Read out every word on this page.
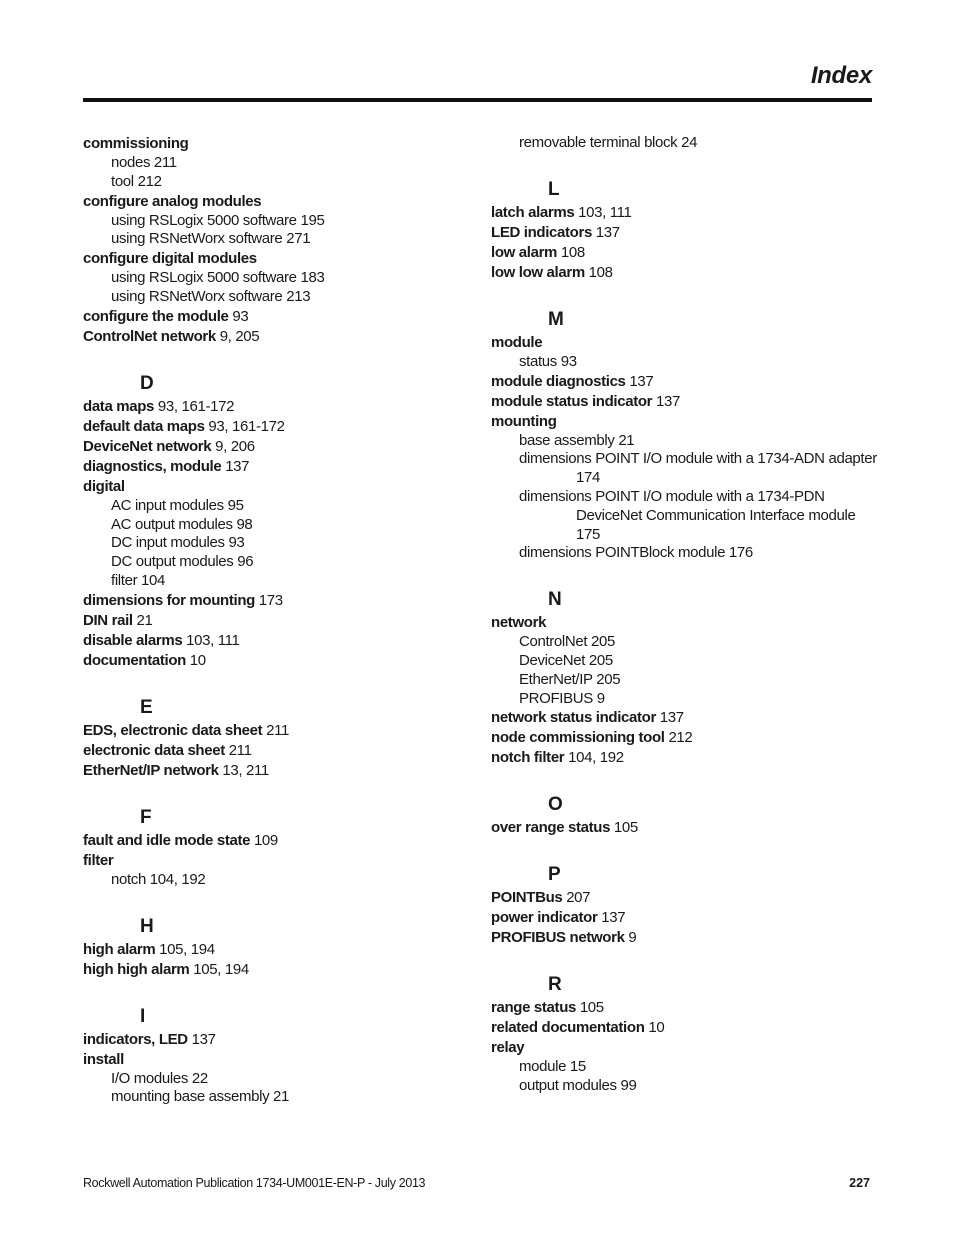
Index
commissioning
nodes 211
tool 212
configure analog modules
using RSLogix 5000 software 195
using RSNetWorx software 271
configure digital modules
using RSLogix 5000 software 183
using RSNetWorx software 213
configure the module 93
ControlNet network 9, 205
D
data maps 93, 161-172
default data maps 93, 161-172
DeviceNet network 9, 206
diagnostics, module 137
digital
AC input modules 95
AC output modules 98
DC input modules 93
DC output modules 96
filter 104
dimensions for mounting 173
DIN rail 21
disable alarms 103, 111
documentation 10
E
EDS, electronic data sheet 211
electronic data sheet 211
EtherNet/IP network 13, 211
F
fault and idle mode state 109
filter
notch 104, 192
H
high alarm 105, 194
high high alarm 105, 194
I
indicators, LED 137
install
I/O modules 22
mounting base assembly 21
removable terminal block 24
L
latch alarms 103, 111
LED indicators 137
low alarm 108
low low alarm 108
M
module
status 93
module diagnostics 137
module status indicator 137
mounting
base assembly 21
dimensions POINT I/O module with a 1734-ADN adapter
174
dimensions POINT I/O module with a 1734-PDN
DeviceNet Communication Interface module
175
dimensions POINTBlock module 176
N
network
ControlNet 205
DeviceNet 205
EtherNet/IP 205
PROFIBUS 9
network status indicator 137
node commissioning tool 212
notch filter 104, 192
O
over range status 105
P
POINTBus 207
power indicator 137
PROFIBUS network 9
R
range status 105
related documentation 10
relay
module 15
output modules 99
Rockwell Automation Publication 1734-UM001E-EN-P - July 2013	227
